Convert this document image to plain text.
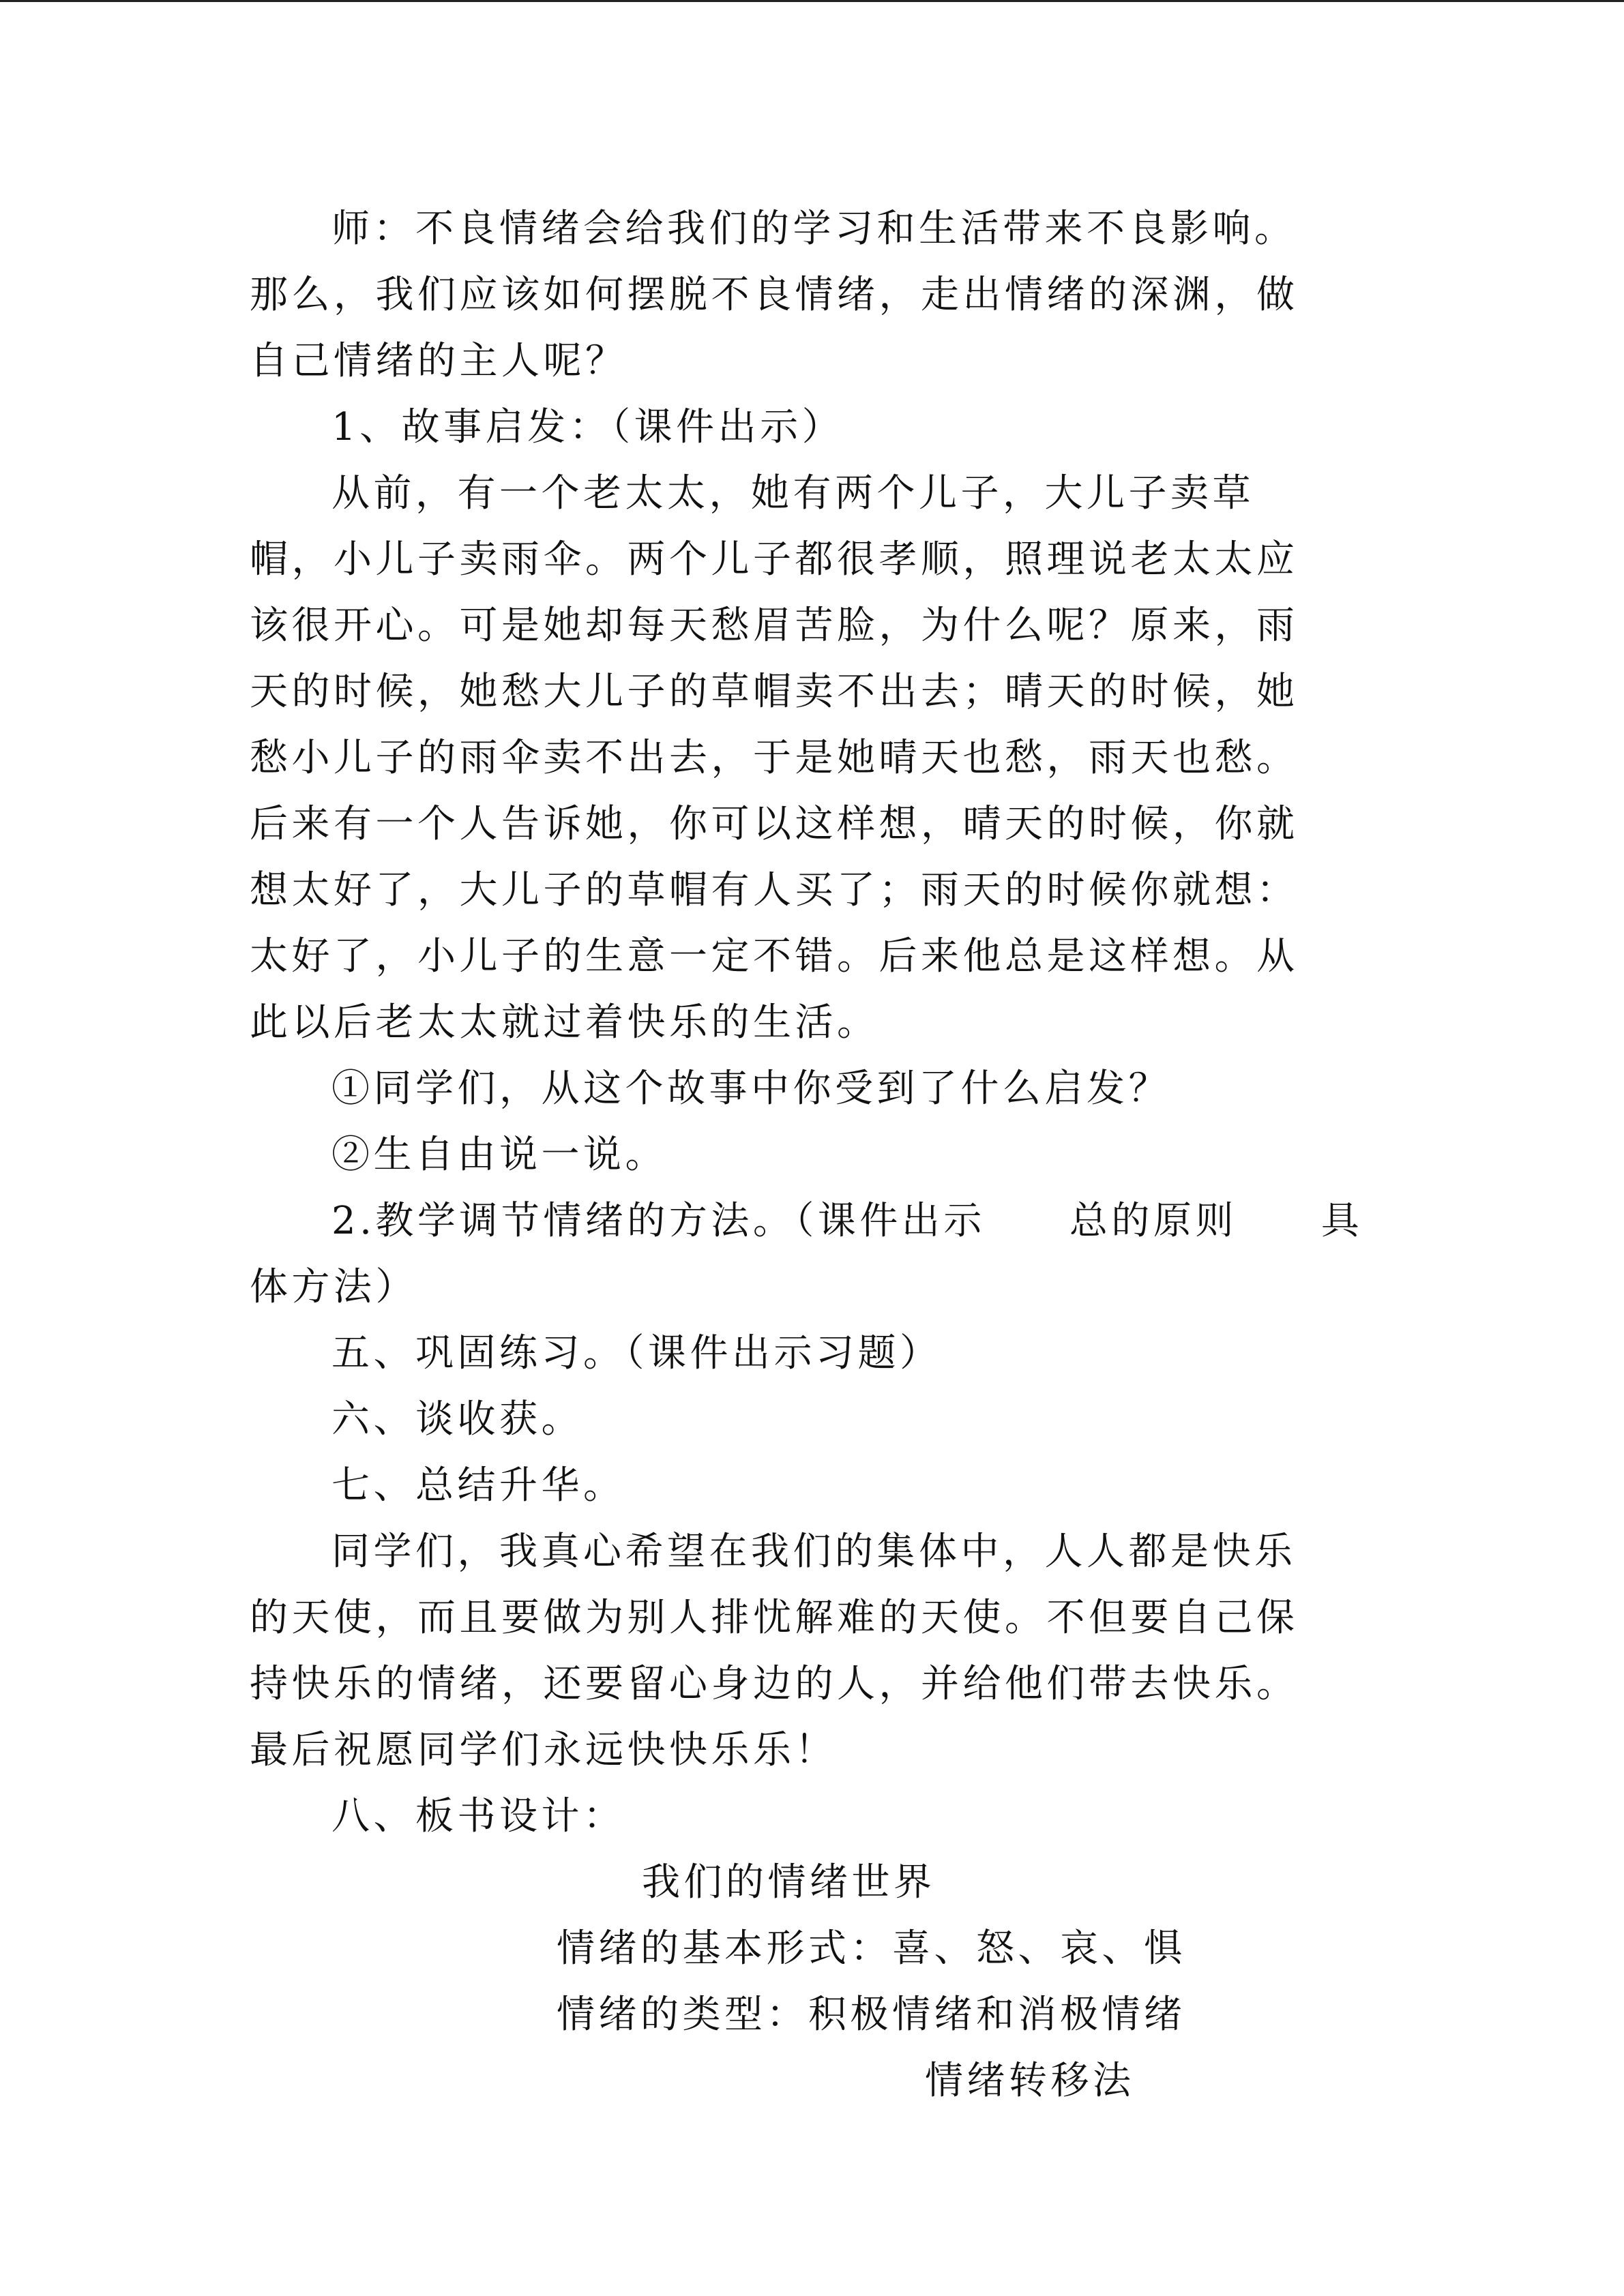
师：不良情绪会给我们的学习和生活带来不良影响。
那么，我们应该如何摆脱不良情绪，走出情绪的深渊，做
自己情绪的主人呢？
1、故事启发：（课件出示）
从前，有一个老太太，她有两个儿子，大儿子卖草
帽，小儿子卖雨伞。两个儿子都很孝顺，照理说老太太应
该很开心。可是她却每天愁眉苦脸，为什么呢？原来，雨
天的时候，她愁大儿子的草帽卖不出去；晴天的时候，她
愁小儿子的雨伞卖不出去，于是她晴天也愁，雨天也愁。
后来有一个人告诉她，你可以这样想，晴天的时候，你就
想太好了，大儿子的草帽有人买了；雨天的时候你就想：
太好了，小儿子的生意一定不错。后来他总是这样想。从
此以后老太太就过着快乐的生活。
①同学们，从这个故事中你受到了什么启发？
②生自由说一说。
2.教学调节情绪的方法。（课件出示　　总的原则　　具
体方法）
五、巩固练习。（课件出示习题）
六、谈收获。
七、总结升华。
同学们，我真心希望在我们的集体中，人人都是快乐
的天使，而且要做为别人排忧解难的天使。不但要自己保
持快乐的情绪，还要留心身边的人，并给他们带去快乐。
最后祝愿同学们永远快快乐乐！
八、板书设计：
我们的情绪世界
情绪的基本形式：喜、怒、哀、惧
情绪的类型：积极情绪和消极情绪
情绪转移法
